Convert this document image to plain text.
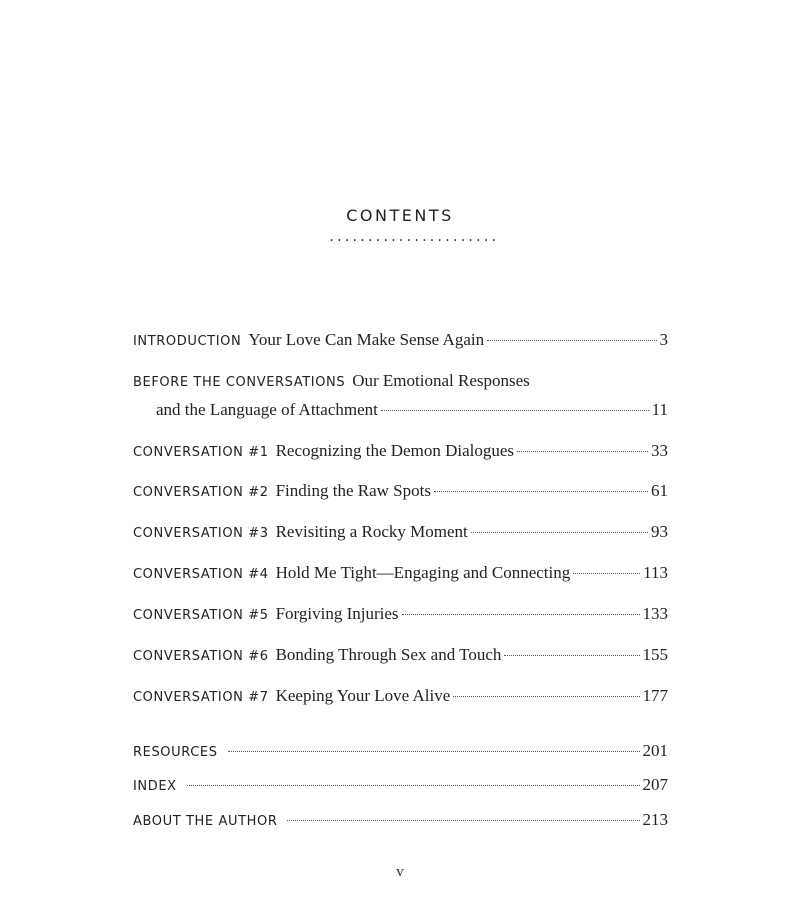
CONTENTS
......................
INTRODUCTION Your Love Can Make Sense Again	3
BEFORE THE CONVERSATIONS Our Emotional Responses
and the Language of Attachment	11
CONVERSATION #1 Recognizing the Demon Dialogues	33
CONVERSATION #2 Finding the Raw Spots	61
CONVERSATION #3 Revisiting a Rocky Moment	93
CONVERSATION #4 Hold Me Tight—Engaging and Connecting	113
CONVERSATION #5 Forgiving Injuries	133
CONVERSATION #6 Bonding Through Sex and Touch	155
CONVERSATION #7 Keeping Your Love Alive	177
RESOURCES	201
INDEX	207
ABOUT THE AUTHOR	213
v
